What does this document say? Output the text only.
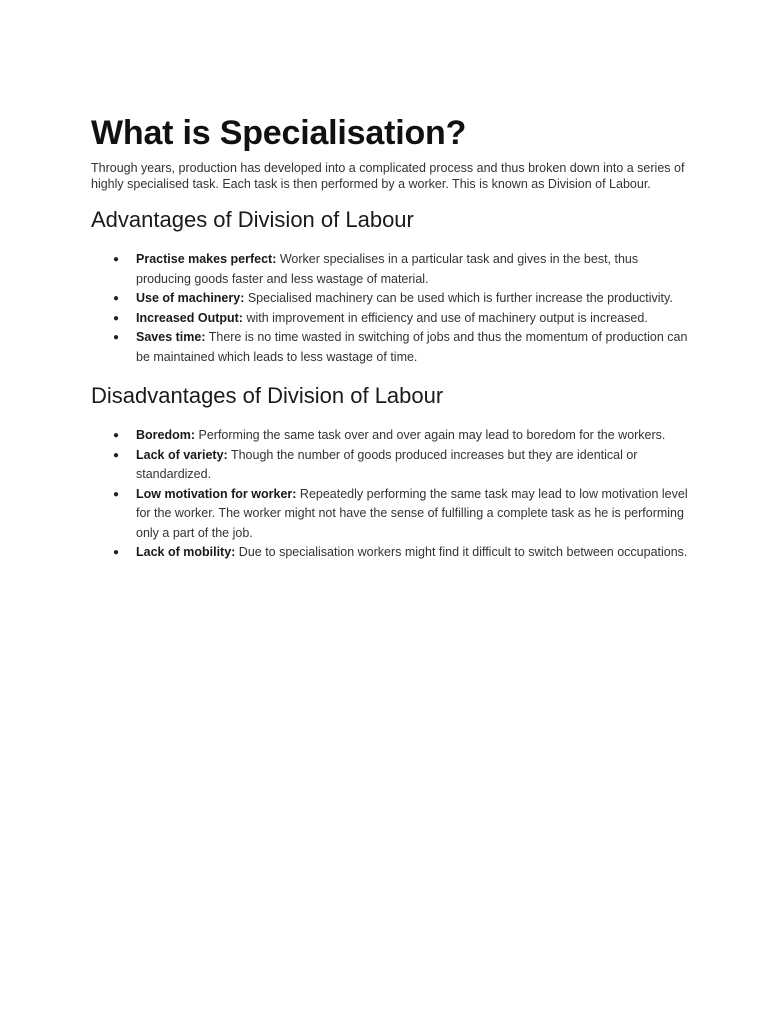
What is Specialisation?

Through years, production has developed into a complicated process and thus broken down into a series of highly specialised task. Each task is then performed by a worker. This is known as Division of Labour.

Advantages of Division of Labour
● Practise makes perfect: Worker specialises in a particular task and gives in the best, thus producing goods faster and less wastage of material.
● Use of machinery: Specialised machinery can be used which is further increase the productivity.
● Increased Output: with improvement in efficiency and use of machinery output is increased.
● Saves time: There is no time wasted in switching of jobs and thus the momentum of production can be maintained which leads to less wastage of time.
Disadvantages of Division of Labour
● Boredom: Performing the same task over and over again may lead to boredom for the workers.
● Lack of variety: Though the number of goods produced increases but they are identical or standardized.
● Low motivation for worker: Repeatedly performing the same task may lead to low motivation level for the worker. The worker might not have the sense of fulfilling a complete task as he is performing only a part of the job.
● Lack of mobility: Due to specialisation workers might find it difficult to switch between occupations.
